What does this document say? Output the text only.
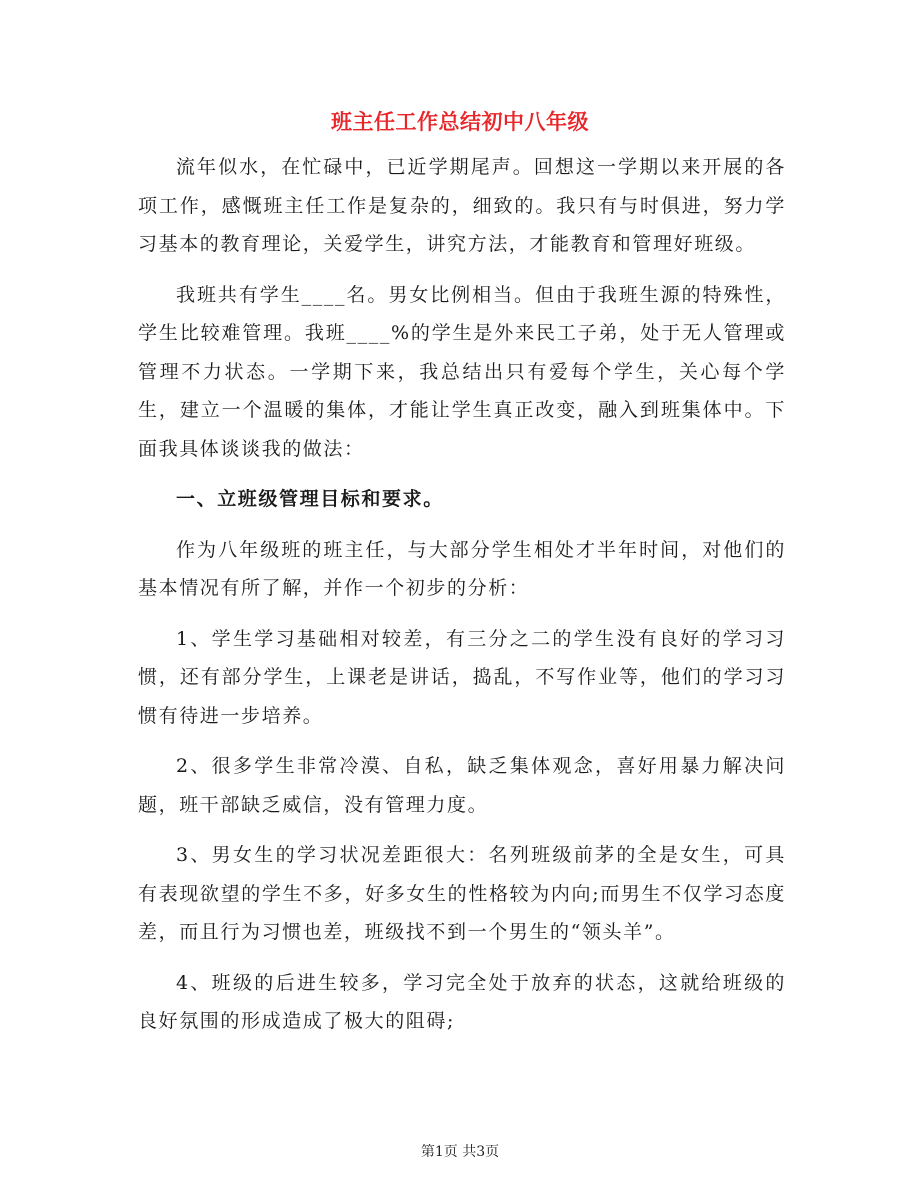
班主任工作总结初中八年级

流年似水，在忙碌中，已近学期尾声。回想这一学期以来开展的各项工作，感慨班主任工作是复杂的，细致的。我只有与时俱进，努力学习基本的教育理论，关爱学生，讲究方法，才能教育和管理好班级。

我班共有学生____名。男女比例相当。但由于我班生源的特殊性，学生比较难管理。我班____%的学生是外来民工子弟，处于无人管理或管理不力状态。一学期下来，我总结出只有爱每个学生，关心每个学生，建立一个温暖的集体，才能让学生真正改变，融入到班集体中。下面我具体谈谈我的做法：

一、立班级管理目标和要求。

作为八年级班的班主任，与大部分学生相处才半年时间，对他们的基本情况有所了解，并作一个初步的分析：

1、学生学习基础相对较差，有三分之二的学生没有良好的学习习惯，还有部分学生，上课老是讲话，捣乱，不写作业等，他们的学习习惯有待进一步培养。

2、很多学生非常冷漠、自私，缺乏集体观念，喜好用暴力解决问题，班干部缺乏威信，没有管理力度。

3、男女生的学习状况差距很大：名列班级前茅的全是女生，可具有表现欲望的学生不多，好多女生的性格较为内向;而男生不仅学习态度差，而且行为习惯也差，班级找不到一个男生的“领头羊”。

4、班级的后进生较多，学习完全处于放弃的状态，这就给班级的良好氛围的形成造成了极大的阻碍;

第1页 共3页
